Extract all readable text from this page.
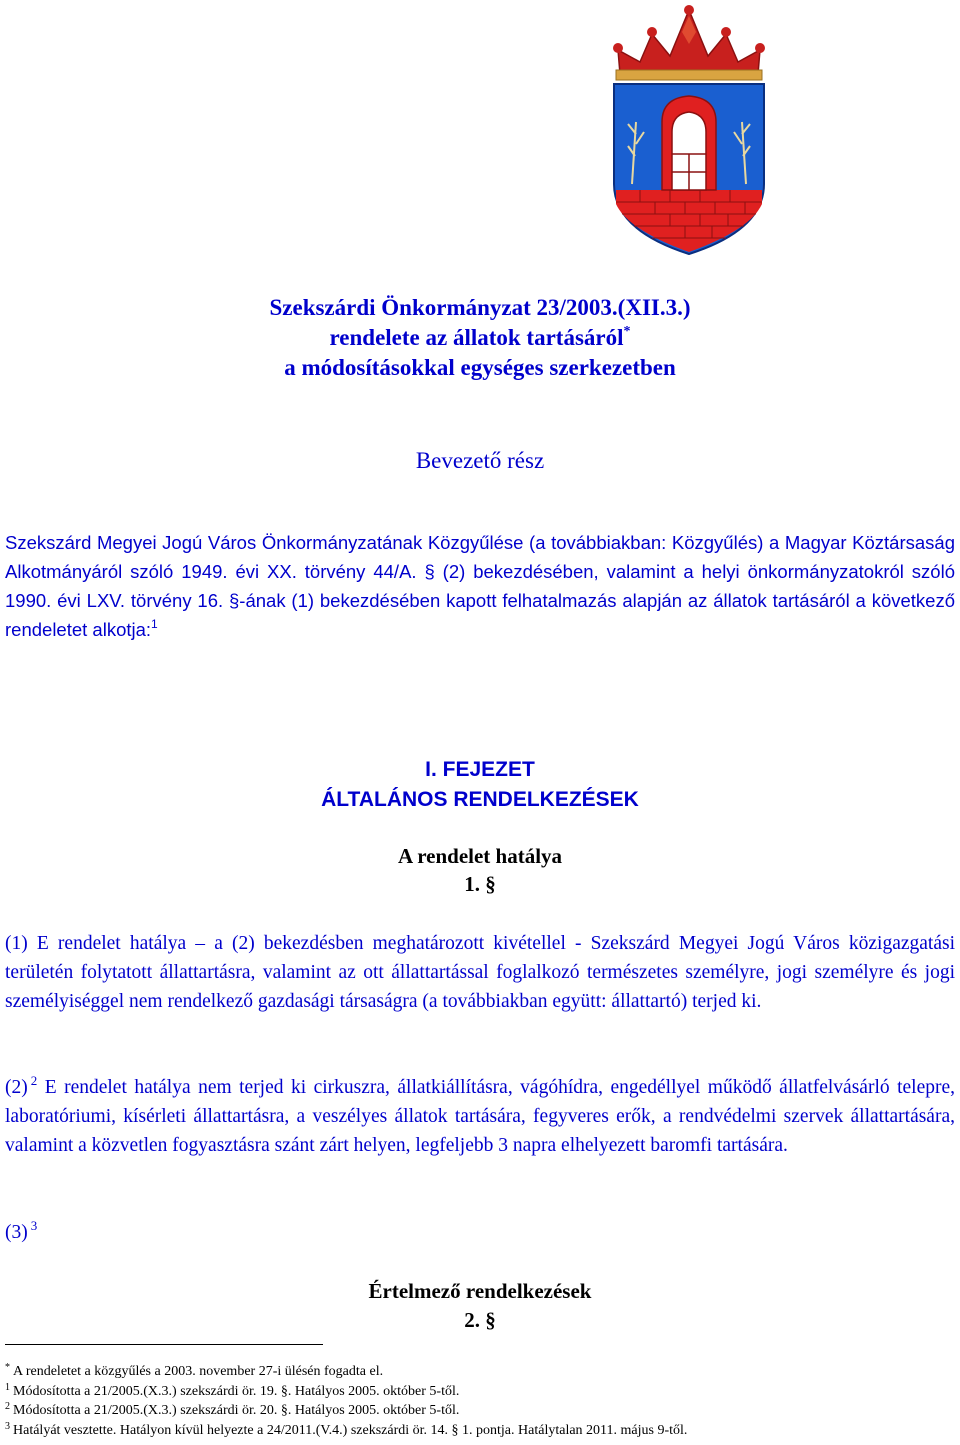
Szekszárdi Önkormányzat 23/2003.(XII.3.)
rendelete az állatok tartásáról*
a módosításokkal egységes szerkezetben
Bevezető rész

Szekszárd Megyei Jogú Város Önkormányzatának Közgyűlése (a továbbiakban: Közgyűlés) a Magyar Köztársaság Alkotmányáról szóló 1949. évi XX. törvény 44/A. § (2) bekezdésében, valamint a helyi önkormányzatokról szóló 1990. évi LXV. törvény 16. §-ának (1) bekezdésében kapott felhatalmazás alapján az állatok tartásáról a következő rendeletet alkotja:$^1$

I. FEJEZET
ÁLTALÁNOS RENDELKEZÉSEK
A rendelet hatálya
1. §

(1) E rendelet hatálya – a (2) bekezdésben meghatározott kivétellel - Szekszárd Megyei Jogú Város közigazgatási területén folytatott állattartásra, valamint az ott állattartással foglalkozó természetes személyre, jogi személyre és jogi személyiséggel nem rendelkező gazdasági társaságra (a továbbiakban együtt: állattartó) terjed ki.

(2) $^2$ E rendelet hatálya nem terjed ki cirkuszra, állatkiállításra, vágóhídra, engedéllyel működő állatfelvásárló telepre, laboratóriumi, kísérleti állattartásra, a veszélyes állatok tartására, fegyveres erők, a rendvédelmi szervek állattartására, valamint a közvetlen fogyasztásra szánt zárt helyen, legfeljebb 3 napra elhelyezett baromfi tartására.

(3) $^3$

Értelmező rendelkezések
2. §
* A rendeletet a közgyűlés a 2003. november 27-i ülésén fogadta el.
$^1$ Módosította a 21/2005.(X.3.) szekszárdi ör. 19. §. Hatályos 2005. október 5-től.
$^2$ Módosította a 21/2005.(X.3.) szekszárdi ör. 20. §. Hatályos 2005. október 5-től.
$^3$ Hatályát vesztette. Hatályon kívül helyezte a 24/2011.(V.4.) szekszárdi ör. 14. § 1. pontja. Hatálytalan 2011. május 9-től.
